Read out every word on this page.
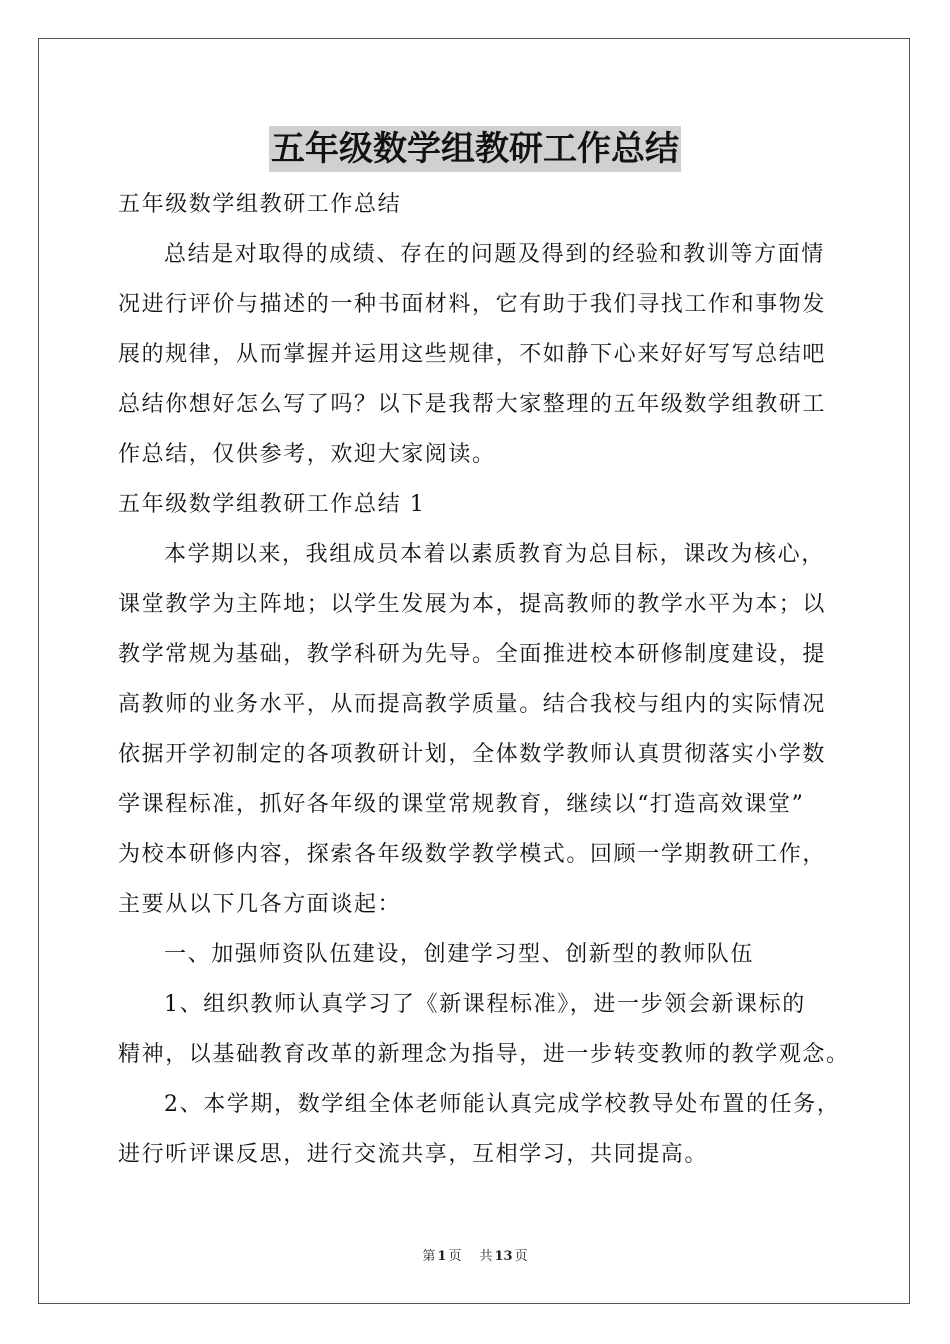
五年级数学组教研工作总结
五年级数学组教研工作总结
总结是对取得的成绩、存在的问题及得到的经验和教训等方面情
况进行评价与描述的一种书面材料，它有助于我们寻找工作和事物发
展的规律，从而掌握并运用这些规律，不如静下心来好好写写总结吧
总结你想好怎么写了吗？以下是我帮大家整理的五年级数学组教研工
作总结，仅供参考，欢迎大家阅读。
五年级数学组教研工作总结 1
本学期以来，我组成员本着以素质教育为总目标，课改为核心，
课堂教学为主阵地；以学生发展为本，提高教师的教学水平为本；以
教学常规为基础，教学科研为先导。全面推进校本研修制度建设，提
高教师的业务水平，从而提高教学质量。结合我校与组内的实际情况
依据开学初制定的各项教研计划，全体数学教师认真贯彻落实小学数
学课程标准，抓好各年级的课堂常规教育，继续以“打造高效课堂”
为校本研修内容，探索各年级数学教学模式。回顾一学期教研工作，
主要从以下几各方面谈起：
一、加强师资队伍建设，创建学习型、创新型的教师队伍
1、组织教师认真学习了《新课程标准》，进一步领会新课标的
精神，以基础教育改革的新理念为指导，进一步转变教师的教学观念。
2、本学期，数学组全体老师能认真完成学校教导处布置的任务，
进行听评课反思，进行交流共享，互相学习，共同提高。
第 1 页 共 13 页
